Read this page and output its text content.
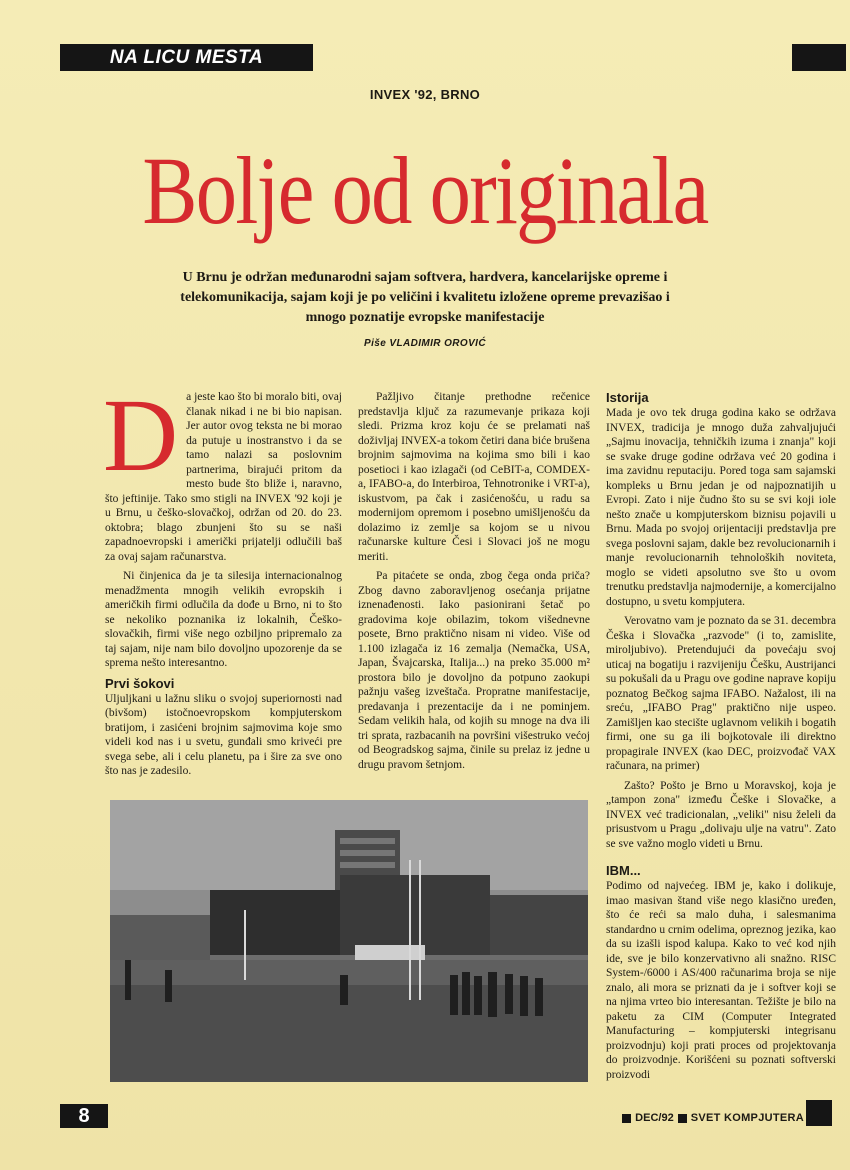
NA LICU MESTA
INVEX '92, BRNO
Bolje od originala
U Brnu je održan međunarodni sajam softvera, hardvera, kancelarijske opreme i telekomunikacija, sajam koji je po veličini i kvalitetu izložene opreme prevazišao i mnogo poznatije evropske manifestacije
Piše VLADIMIR OROVIĆ
D a jeste kao što bi moralo biti, ovaj članak nikad i ne bi bio napisan. Jer autor ovog teksta ne bi morao da putuje u inostranstvo i da se tamo nalazi sa poslovnim partnerima, birajući pritom da mesto bude što bliže i, naravno, što jeftinije. Tako smo stigli na INVEX '92 koji je u Brnu, u češko-slovačkoj, održan od 20. do 23. oktobra; blago zbunjeni što su se naši zapadnoevropski i američki prijatelji odlučili baš za ovaj sajam računarstva.

Ni činjenica da je ta silesija internacionalnog menadžmenta mnogih velikih evropskih i američkih firmi odlučila da dođe u Brno, ni to što se nekoliko poznanika iz lokalnih, Češko-slovačkih, firmi više nego ozbiljno pripremalo za taj sajam, nije nam bilo dovoljno upozorenje da se sprema nešto interesantno.

Prvi šokovi

Uljuljkani u lažnu sliku o svojoj superiornosti nad (bivšom) istočnoevropskom kompjuterskom bratijom, i zasićeni brojnim sajmovima koje smo videli kod nas i u svetu, gunđali smo kriveći pre svega sebe, ali i celu planetu, pa i šire za sve ono što nas je zadesilo.

Pažljivo čitanje prethodne rečenice predstavlja ključ za razumevanje prikaza koji sledi. Prizma kroz koju će se prelamati naš doživljaj INVEX-a tokom četiri dana biće brušena brojnim sajmovima na kojima smo bili i kao posetioci i kao izlagači (od CeBIT-a, COMDEX-a, IFABO-a, do Interbiroa, Tehnotronike i VRT-a), iskustvom, pa čak i zasićenošću, u radu sa modernijom opremom i posebno umišljenošću da dolazimo iz zemlje sa kojom se u nivou računarske kulture Česi i Slovaci još ne mogu meriti.

Pa pitaćete se onda, zbog čega onda priča? Zbog davno zaboravljenog osećanja prijatne iznenađenosti. Iako pasionirani šetač po gradovima koje obilazim, tokom višednevne posete, Brno praktično nisam ni video. Više od 1.100 izlagača iz 16 zemalja (Nemačka, USA, Japan, Švajcarska, Italija...) na preko 35.000 m² prostora bilo je dovoljno da potpuno zaokupi pažnju vašeg izveštača. Propratne manifestacije, predavanja i prezentacije da i ne pominjem. Sedam velikih hala, od kojih su mnoge na dva ili tri sprata, razbacanih na površini višestruko većoj od Beogradskog sajma, činile su prelaz iz jedne u drugu pravom šetnjom.

Istorija

Mada je ovo tek druga godina kako se održava INVEX, tradicija je mnogo duža zahvaljujući „Sajmu inovacija, tehničkih izuma i znanja" koji se svake druge godine održava već 20 godina i ima zavidnu reputaciju. Pored toga sam sajamski kompleks u Brnu jedan je od najpoznatijih u Evropi. Zato i nije čudno što su se svi koji iole nešto znače u kompjuterskom biznisu pojavili u Brnu. Mada po svojoj orijentaciji predstavlja pre svega poslovni sajam, dakle bez revolucionarnih i manje revolucionarnih tehnoloških noviteta, moglo se videti apsolutno sve što u ovom trenutku predstavlja najmodernije, a komercijalno dostupno, u svetu kompjutera.

Verovatno vam je poznato da se 31. decembra Češka i Slovačka „razvode" (i to, zamislite, miroljubivo). Pretendujući da povećaju svoj uticaj na bogatiju i razvijeniju Češku, Austrijanci su pokušali da u Pragu ove godine naprave kopiju poznatog Bečkog sajma IFABO. Nažalost, ili na sreću, „IFABO Prag" praktično nije uspeo. Zamišljen kao stecište uglavnom velikih i bogatih firmi, one su ga ili bojkotovale ili direktno propagirale INVEX (kao DEC, proizvođač VAX računara, na primer)

Zašto? Pošto je Brno u Moravskoj, koja je „tampon zona" između Češke i Slovačke, a INVEX već tradicionalan, „veliki" nisu želeli da prisustvom u Pragu „dolivaju ulje na vatru". Zato se sve važno moglo videti u Brnu.

IBM...

Podimo od najvećeg. IBM je, kako i dolikuje, imao masivan štand više nego klasično uređen, što će reći sa malo duha, i salesmanima standardno u crnim odelima, opreznog jezika, kao da su izašli ispod kalupa. Kako to već kod njih ide, sve je bilo konzervativno ali snažno. RISC System-/6000 i AS/400 računarima broja se nije znalo, ali mora se priznati da je i softver koji se na njima vrteo bio interesantan. Težište je bilo na paketu za CIM (Computer Integrated Manufacturing – kompjuterski integrisanu proizvodnju) koji prati proces od projektovanja do proizvodnje. Korišćeni su poznati softverski proizvodi

8	DEC/92 SVET KOMPJUTERA
